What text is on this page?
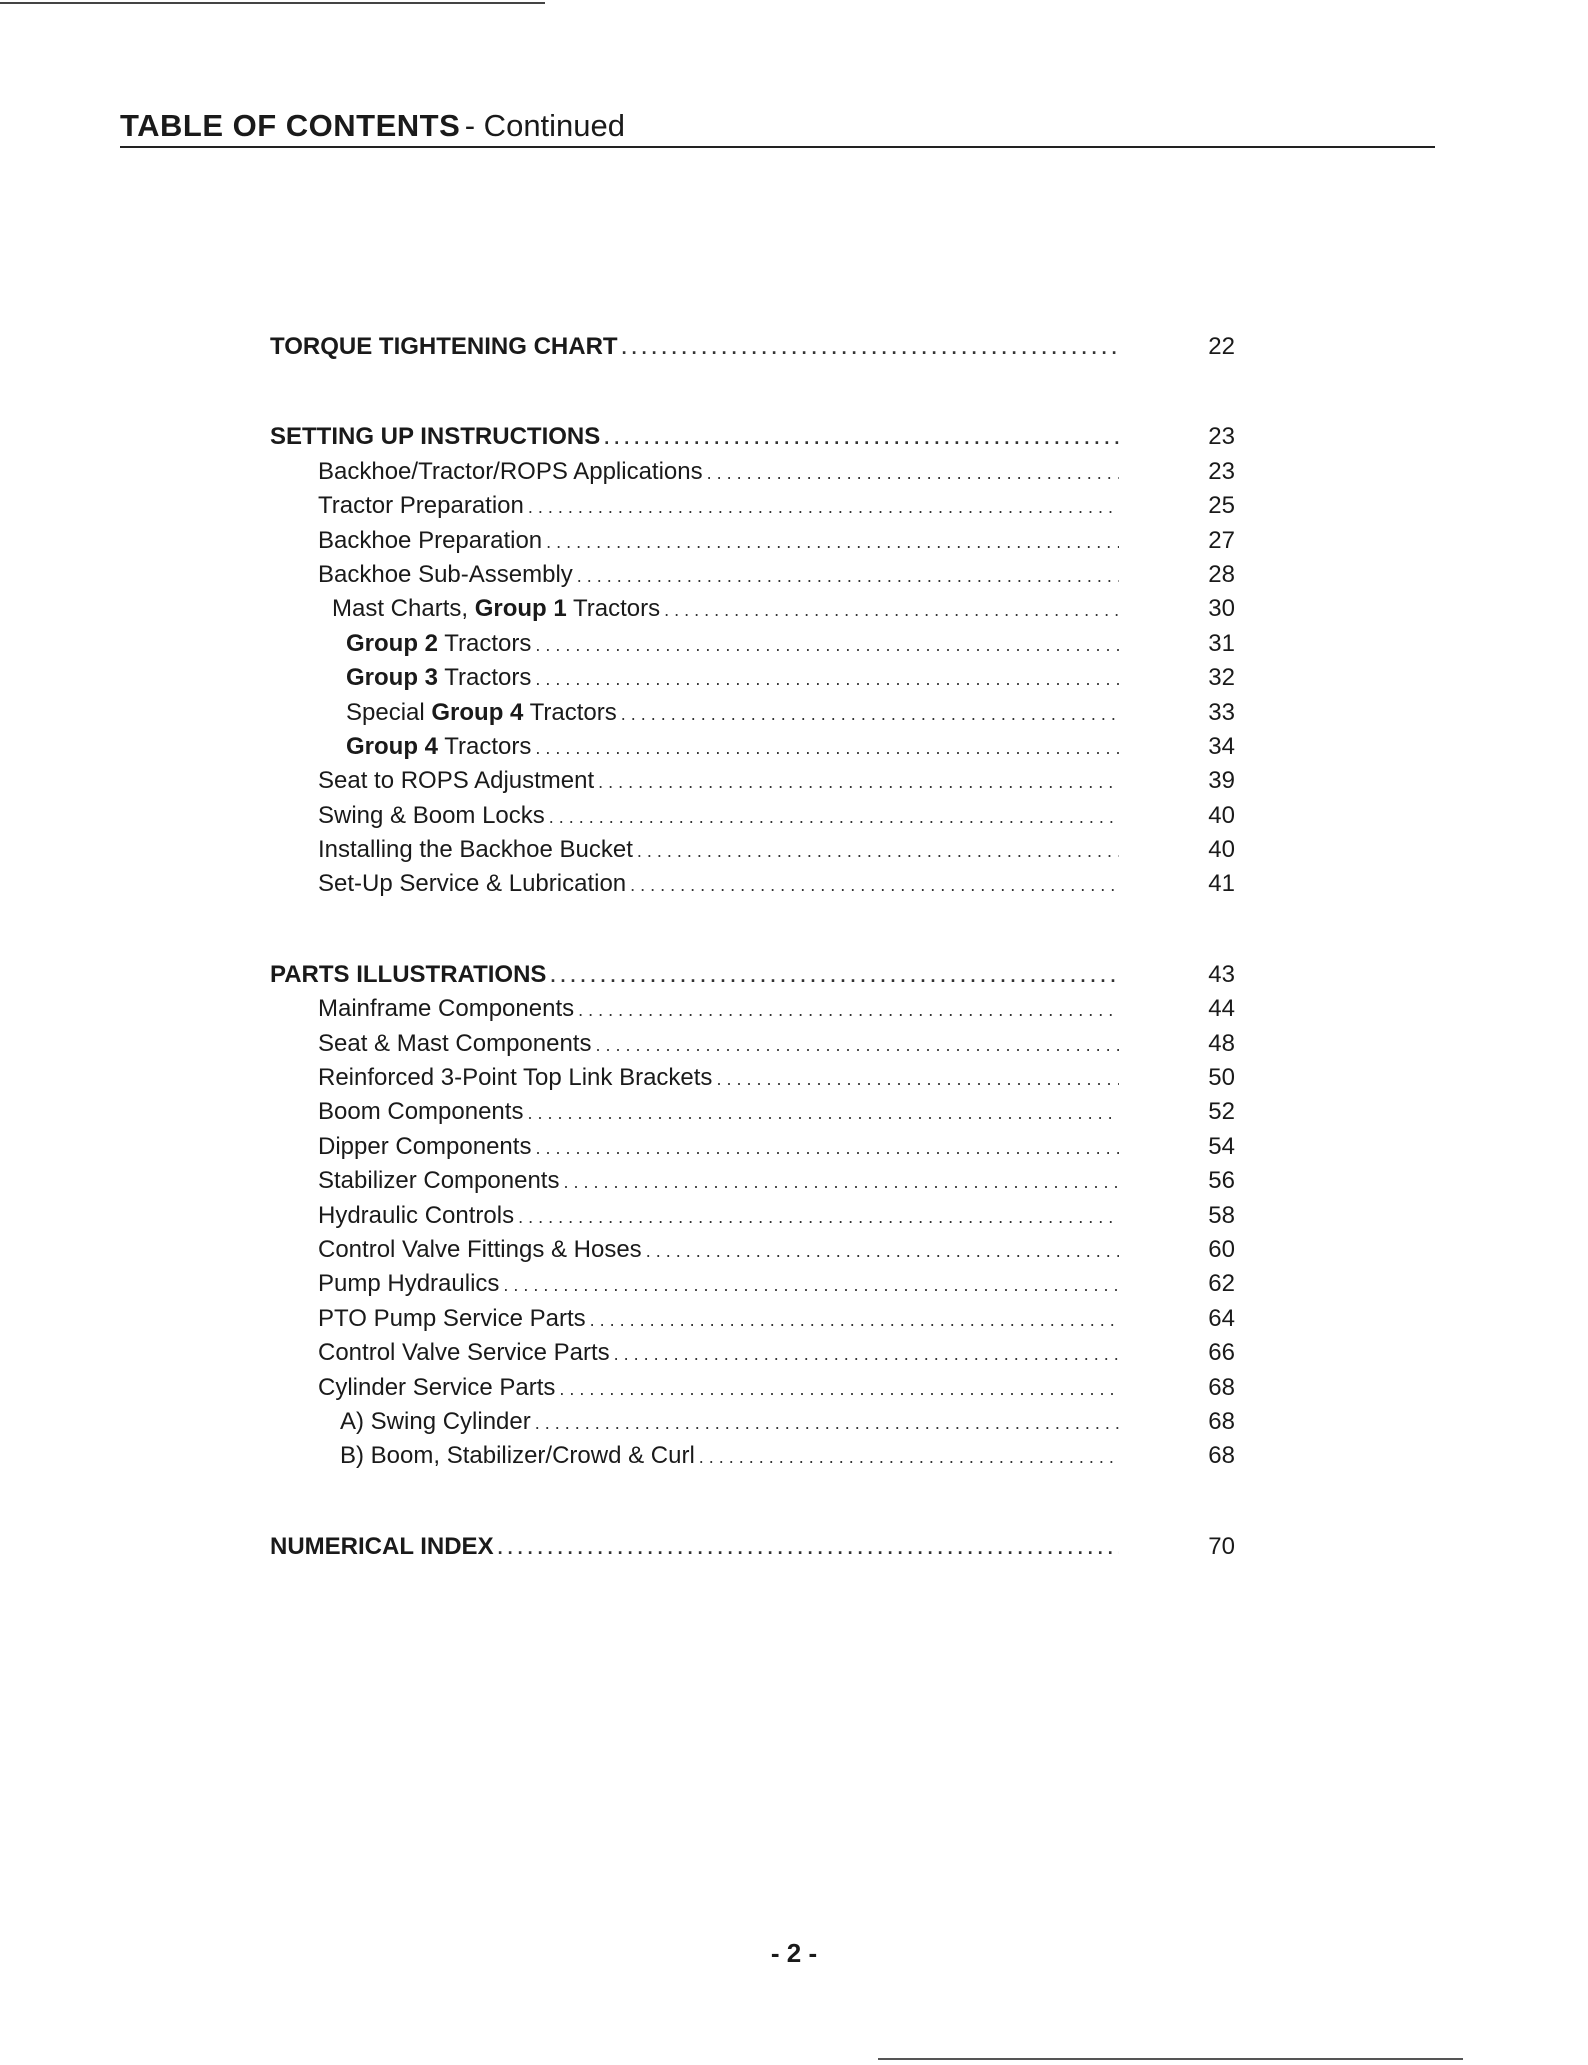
TABLE OF CONTENTS - Continued
TORQUE TIGHTENING CHART . . .	22
SETTING UP INSTRUCTIONS . . .	23
Backhoe/Tractor/ROPS Applications . . .	23
Tractor Preparation . . .	25
Backhoe Preparation . . .	27
Backhoe Sub-Assembly . . .	28
Mast Charts, Group 1 Tractors . . .	30
Group 2 Tractors . . .	31
Group 3 Tractors . . .	32
Special Group 4 Tractors . . .	33
Group 4 Tractors . . .	34
Seat to ROPS Adjustment . . .	39
Swing & Boom Locks . . .	40
Installing the Backhoe Bucket . . .	40
Set-Up Service & Lubrication . . .	41
PARTS ILLUSTRATIONS . . .	43
Mainframe Components . . .	44
Seat & Mast Components . . .	48
Reinforced 3-Point Top Link Brackets . . .	50
Boom Components . . .	52
Dipper Components . . .	54
Stabilizer Components . . .	56
Hydraulic Controls . . .	58
Control Valve Fittings & Hoses . . .	60
Pump Hydraulics . . .	62
PTO Pump Service Parts . . .	64
Control Valve Service Parts . . .	66
Cylinder Service Parts . . .	68
A) Swing Cylinder . . .	68
B) Boom, Stabilizer/Crowd & Curl . . .	68
NUMERICAL INDEX . . .	70
- 2 -
